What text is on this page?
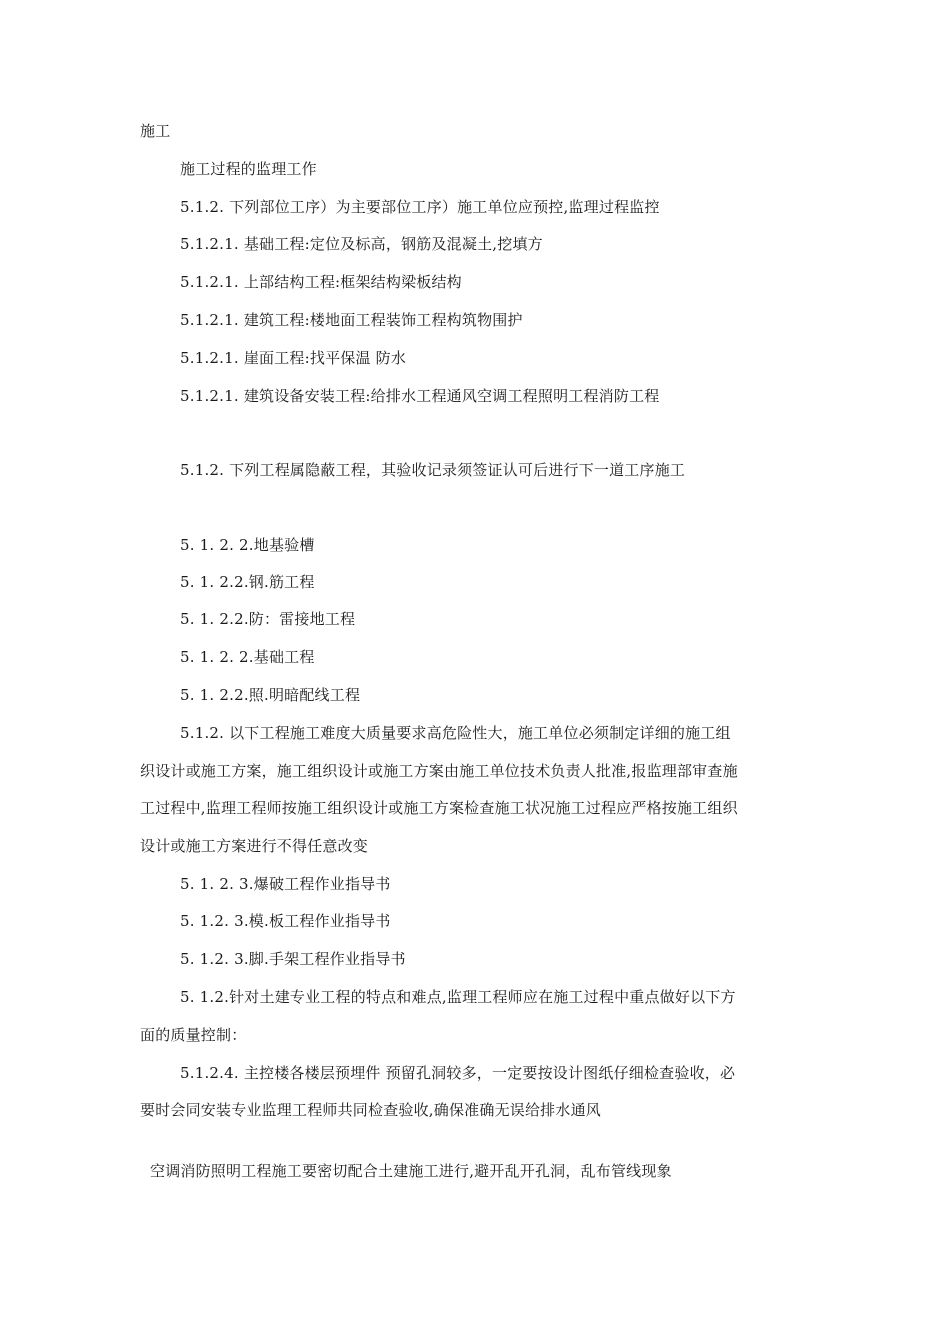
施工
施工过程的监理工作
5.1.2. 下列部位工序）为主要部位工序）施工单位应预控,监理过程监控
5.1.2.1. 基础工程:定位及标高，钢筋及混凝土,挖填方
5.1.2.1. 上部结构工程:框架结构梁板结构
5.1.2.1. 建筑工程:楼地面工程装饰工程构筑物围护
5.1.2.1. 崖面工程:找平保温 防水
5.1.2.1. 建筑设备安装工程:给排水工程通风空调工程照明工程消防工程
5.1.2. 下列工程属隐蔽工程，其验收记录须签证认可后进行下一道工序施工
5. 1. 2. 2.地基验槽
5. 1. 2.2.钢.筋工程
5. 1. 2.2.防：雷接地工程
5. 1. 2. 2.基础工程
5. 1. 2.2.照.明暗配线工程
5.1.2. 以下工程施工难度大质量要求高危险性大，施工单位必须制定详细的施工组
织设计或施工方案，施工组织设计或施工方案由施工单位技术负责人批准,报监理部审查施
工过程中,监理工程师按施工组织设计或施工方案检查施工状况施工过程应严格按施工组织
设计或施工方案进行不得任意改变
5. 1. 2. 3.爆破工程作业指导书
5. 1.2. 3.模.板工程作业指导书
5. 1.2. 3.脚.手架工程作业指导书
5. 1.2.针对土建专业工程的特点和难点,监理工程师应在施工过程中重点做好以下方
面的质量控制：
5.1.2.4. 主控楼各楼层预埋件 预留孔洞较多，一定要按设计图纸仔细检查验收，必
要时会同安装专业监理工程师共同检查验收,确保准确无误给排水通风
空调消防照明工程施工要密切配合土建施工进行,避开乱开孔洞，乱布管线现象
